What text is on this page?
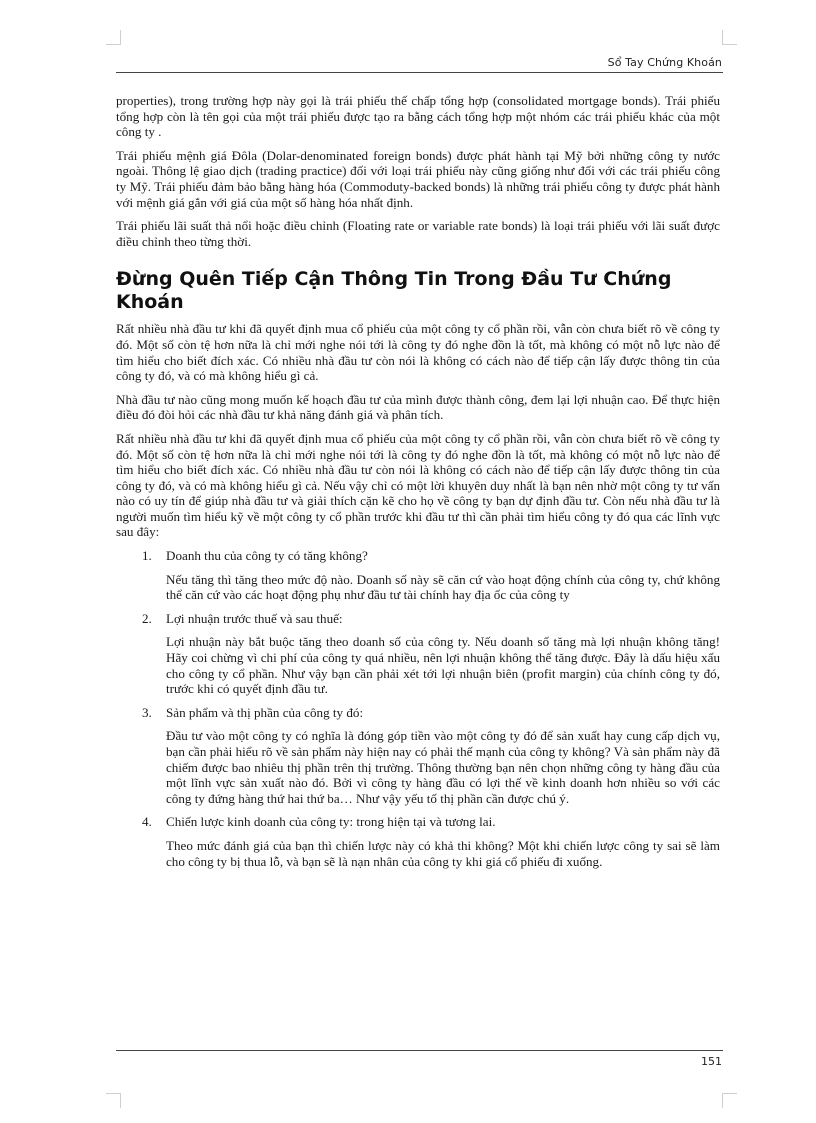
Sổ Tay Chứng Khoán

properties), trong trường hợp này gọi là trái phiếu thế chấp tổng hợp (consolidated mortgage bonds). Trái phiếu tổng hợp còn là tên gọi của một trái phiếu được tạo ra bằng cách tổng hợp một nhóm các trái phiếu khác của một công ty .

Trái phiếu mệnh giá Đôla (Dolar-denominated foreign bonds) được phát hành tại Mỹ bởi những công ty nước ngoài. Thông lệ giao dịch (trading practice) đối với loại trái phiếu này cũng giống như đối với các trái phiếu công ty Mỹ. Trái phiếu đảm bảo bằng hàng hóa (Commoduty-backed bonds) là những trái phiếu công ty được phát hành với mệnh giá gắn với giá của một số hàng hóa nhất định.

Trái phiếu lãi suất thả nổi hoặc điều chỉnh (Floating rate or variable rate bonds) là loại trái phiếu với lãi suất được điều chỉnh theo từng thời.

Đừng Quên Tiếp Cận Thông Tin Trong Đầu Tư Chứng Khoán

Rất nhiều nhà đầu tư khi đã quyết định mua cổ phiếu của một công ty cổ phần rồi, vẫn còn chưa biết rõ về công ty đó. Một số còn tệ hơn nữa là chỉ mới nghe nói tới là công ty đó nghe đồn là tốt, mà không có một nỗ lực nào để tìm hiểu cho biết đích xác. Có nhiều nhà đầu tư còn nói là không có cách nào để tiếp cận lấy được thông tin của công ty đó, và có mà không hiểu gì cả.

Nhà đầu tư nào cũng mong muốn kế hoạch đầu tư của mình được thành công, đem lại lợi nhuận cao. Để thực hiện điều đó đòi hỏi các nhà đầu tư khả năng đánh giá và phân tích.

Rất nhiều nhà đầu tư khi đã quyết định mua cổ phiếu của một công ty cổ phần rồi, vẫn còn chưa biết rõ về công ty đó. Một số còn tệ hơn nữa là chỉ mới nghe nói tới là công ty đó nghe đồn là tốt, mà không có một nỗ lực nào để tìm hiểu cho biết đích xác. Có nhiều nhà đầu tư còn nói là không có cách nào để tiếp cận lấy được thông tin của công ty đó, và có mà không hiểu gì cả. Nếu vậy chỉ có một lời khuyên duy nhất là bạn nên nhờ một công ty tư vấn nào có uy tín để giúp nhà đầu tư và giải thích cặn kẽ cho họ về công ty bạn dự định đầu tư. Còn nếu nhà đầu tư là người muốn tìm hiểu kỹ về một công ty cổ phần trước khi đầu tư thì cần phải tìm hiểu công ty đó qua các lĩnh vực sau đây:

1. Doanh thu của công ty có tăng không?

Nếu tăng thì tăng theo mức độ nào. Doanh số này sẽ căn cứ vào hoạt động chính của công ty, chứ không thể căn cứ vào các hoạt động phụ như đầu tư tài chính hay địa ốc của công ty

2. Lợi nhuận trước thuế và sau thuế:

Lợi nhuận này bắt buộc tăng theo doanh số của công ty. Nếu doanh số tăng mà lợi nhuận không tăng! Hãy coi chừng vì chi phí của công ty quá nhiều, nên lợi nhuận không thể tăng được. Đây là dấu hiệu xấu cho công ty cổ phần. Như vậy bạn cần phải xét tới lợi nhuận biên (profit margin) của chính công ty đó, trước khi có quyết định đầu tư.

3. Sản phẩm và thị phần của công ty đó:

Đầu tư vào một công ty có nghĩa là đóng góp tiền vào một công ty đó để sản xuất hay cung cấp dịch vụ, bạn cần phải hiểu rõ về sản phẩm này hiện nay có phải thế mạnh của công ty không? Và sản phẩm này đã chiếm được bao nhiêu thị phần trên thị trường. Thông thường bạn nên chọn những công ty hàng đầu của một lĩnh vực sản xuất nào đó. Bởi vì công ty hàng đầu có lợi thế về kinh doanh hơn nhiều so với các công ty đứng hàng thứ hai thứ ba… Như vậy yếu tố thị phần cần được chú ý.

4. Chiến lược kinh doanh của công ty: trong hiện tại và tương lai.

Theo mức đánh giá của bạn thì chiến lược này có khả thi không? Một khi chiến lược công ty sai sẽ làm cho công ty bị thua lỗ, và bạn sẽ là nạn nhân của công ty khi giá cổ phiếu đi xuống.

151
